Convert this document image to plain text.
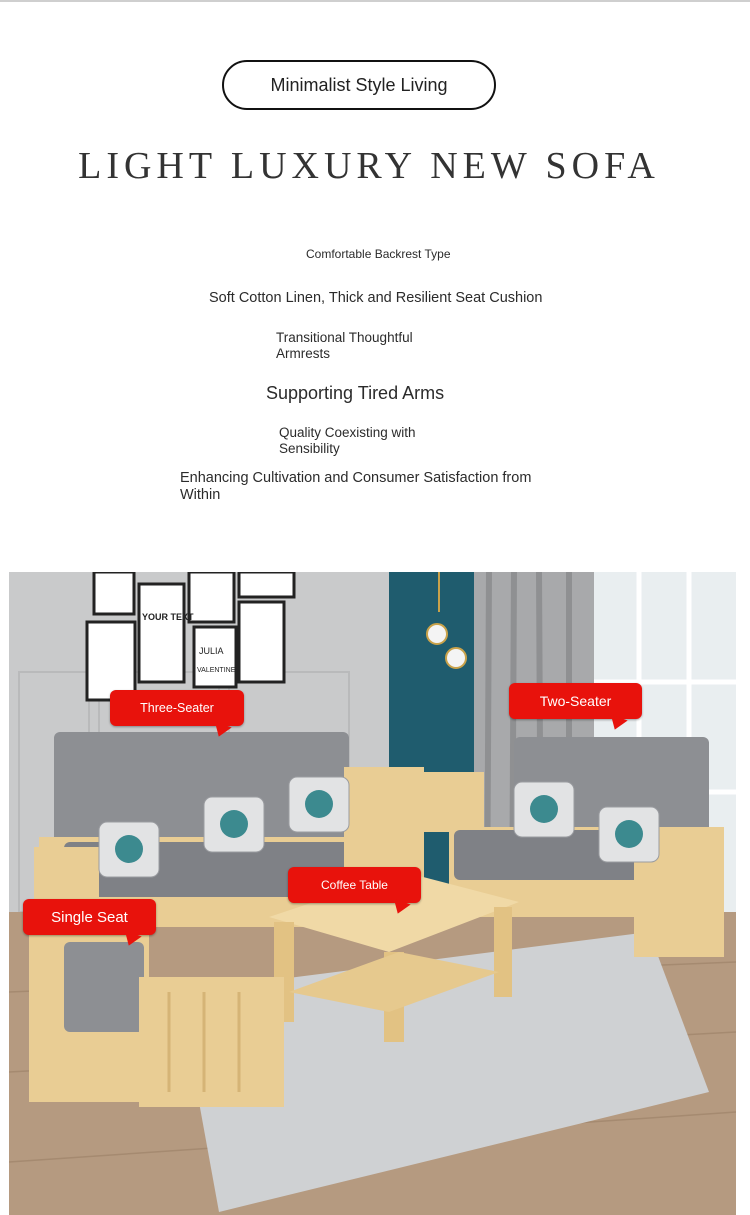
Minimalist Style Living
LIGHT LUXURY NEW SOFA
Comfortable Backrest Type
Soft Cotton Linen, Thick and Resilient Seat Cushion
Transitional Thoughtful Armrests
Supporting Tired Arms
Quality Coexisting with Sensibility
Enhancing Cultivation and Consumer Satisfaction from Within
YOUR TEXT
JULIA
VALENTINE
Three-Seater	Two-Seater
Coffee Table
Single Seat
